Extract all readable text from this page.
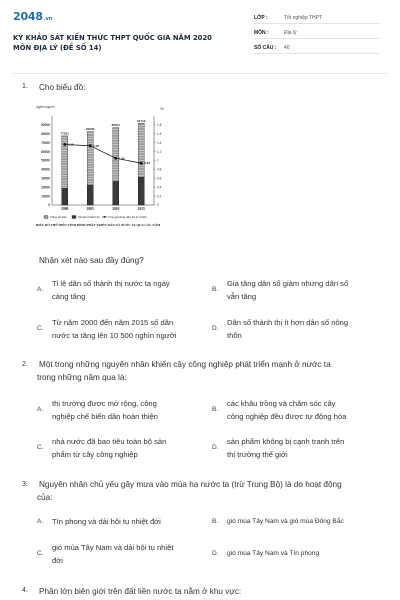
2048.vn
KỲ KHẢO SÁT KIẾN THỨC THPT QUỐC GIA NĂM 2020
MÔN ĐỊA LÝ (ĐỀ SỐ 14)
LỚP :	Tốt nghiệp THPT
MÔN :	Địa lý
SỐ CÂU : 40
1. Cho biểu đồ:
nghìn người	%
0
10000
20000
30000
40000
50000
60000
70000
80000
90000
0
0.2
0.4
0.6
0.8
1
1.2
1.4
1.6
1.8
77631
2000
82392
2005
86947
2010
91713
2015
1.36	1.33
1.05
0.94
Tổng số dân	Số dân thành thị	Tỉ lệ gia tăng dân số tự nhiên
BIỂU ĐỒ THỂ HIỆN TÌNH HÌNH PHÁT TRIỂN DÂN SỐ NƯỚC TA QUA CÁC NĂM
Nhận xét nào sau đây đúng?
A.
Tỉ lệ dân số thành thị nước ta ngày
càng tăng
B.
Gia tăng dân số giảm nhưng dân số
vẫn tăng
C.
Từ năm 2000 đến năm 2015 số dân
nước ta tăng lên 10 500 nghìn người
D.
Dân số thành thị ít hơn dân số nông
thôn
2. Một trong những nguyên nhân khiến cây công nghiệp phát triển mạnh ở nước ta
trong những năm qua là:
A.
thị trường được mở rộng, công
nghiệp chế biến dần hoàn thiện
B.
các khâu trồng và chăm sóc cây
công nghiệp đều được tự động hóa
C.
nhà nước đã bao tiêu toàn bộ sản
phẩm từ cây công nghiệp
D.
sản phẩm không bị cạnh tranh trên
thị trường thế giới
3. Nguyên nhân chủ yếu gây mưa vào mùa hạ nước ta (trừ Trung Bộ) là do hoạt động
của:
A. Tín phong và dải hội tụ nhiệt đới	B. gió mùa Tây Nam và gió mùa Đông Bắc
C.
gió mùa Tây Nam và dải hội tụ nhiệt
đới
D. gió mùa Tây Nam và Tín phong
4. Phần lớn biên giới trên đất liền nước ta nằm ở khu vực:
